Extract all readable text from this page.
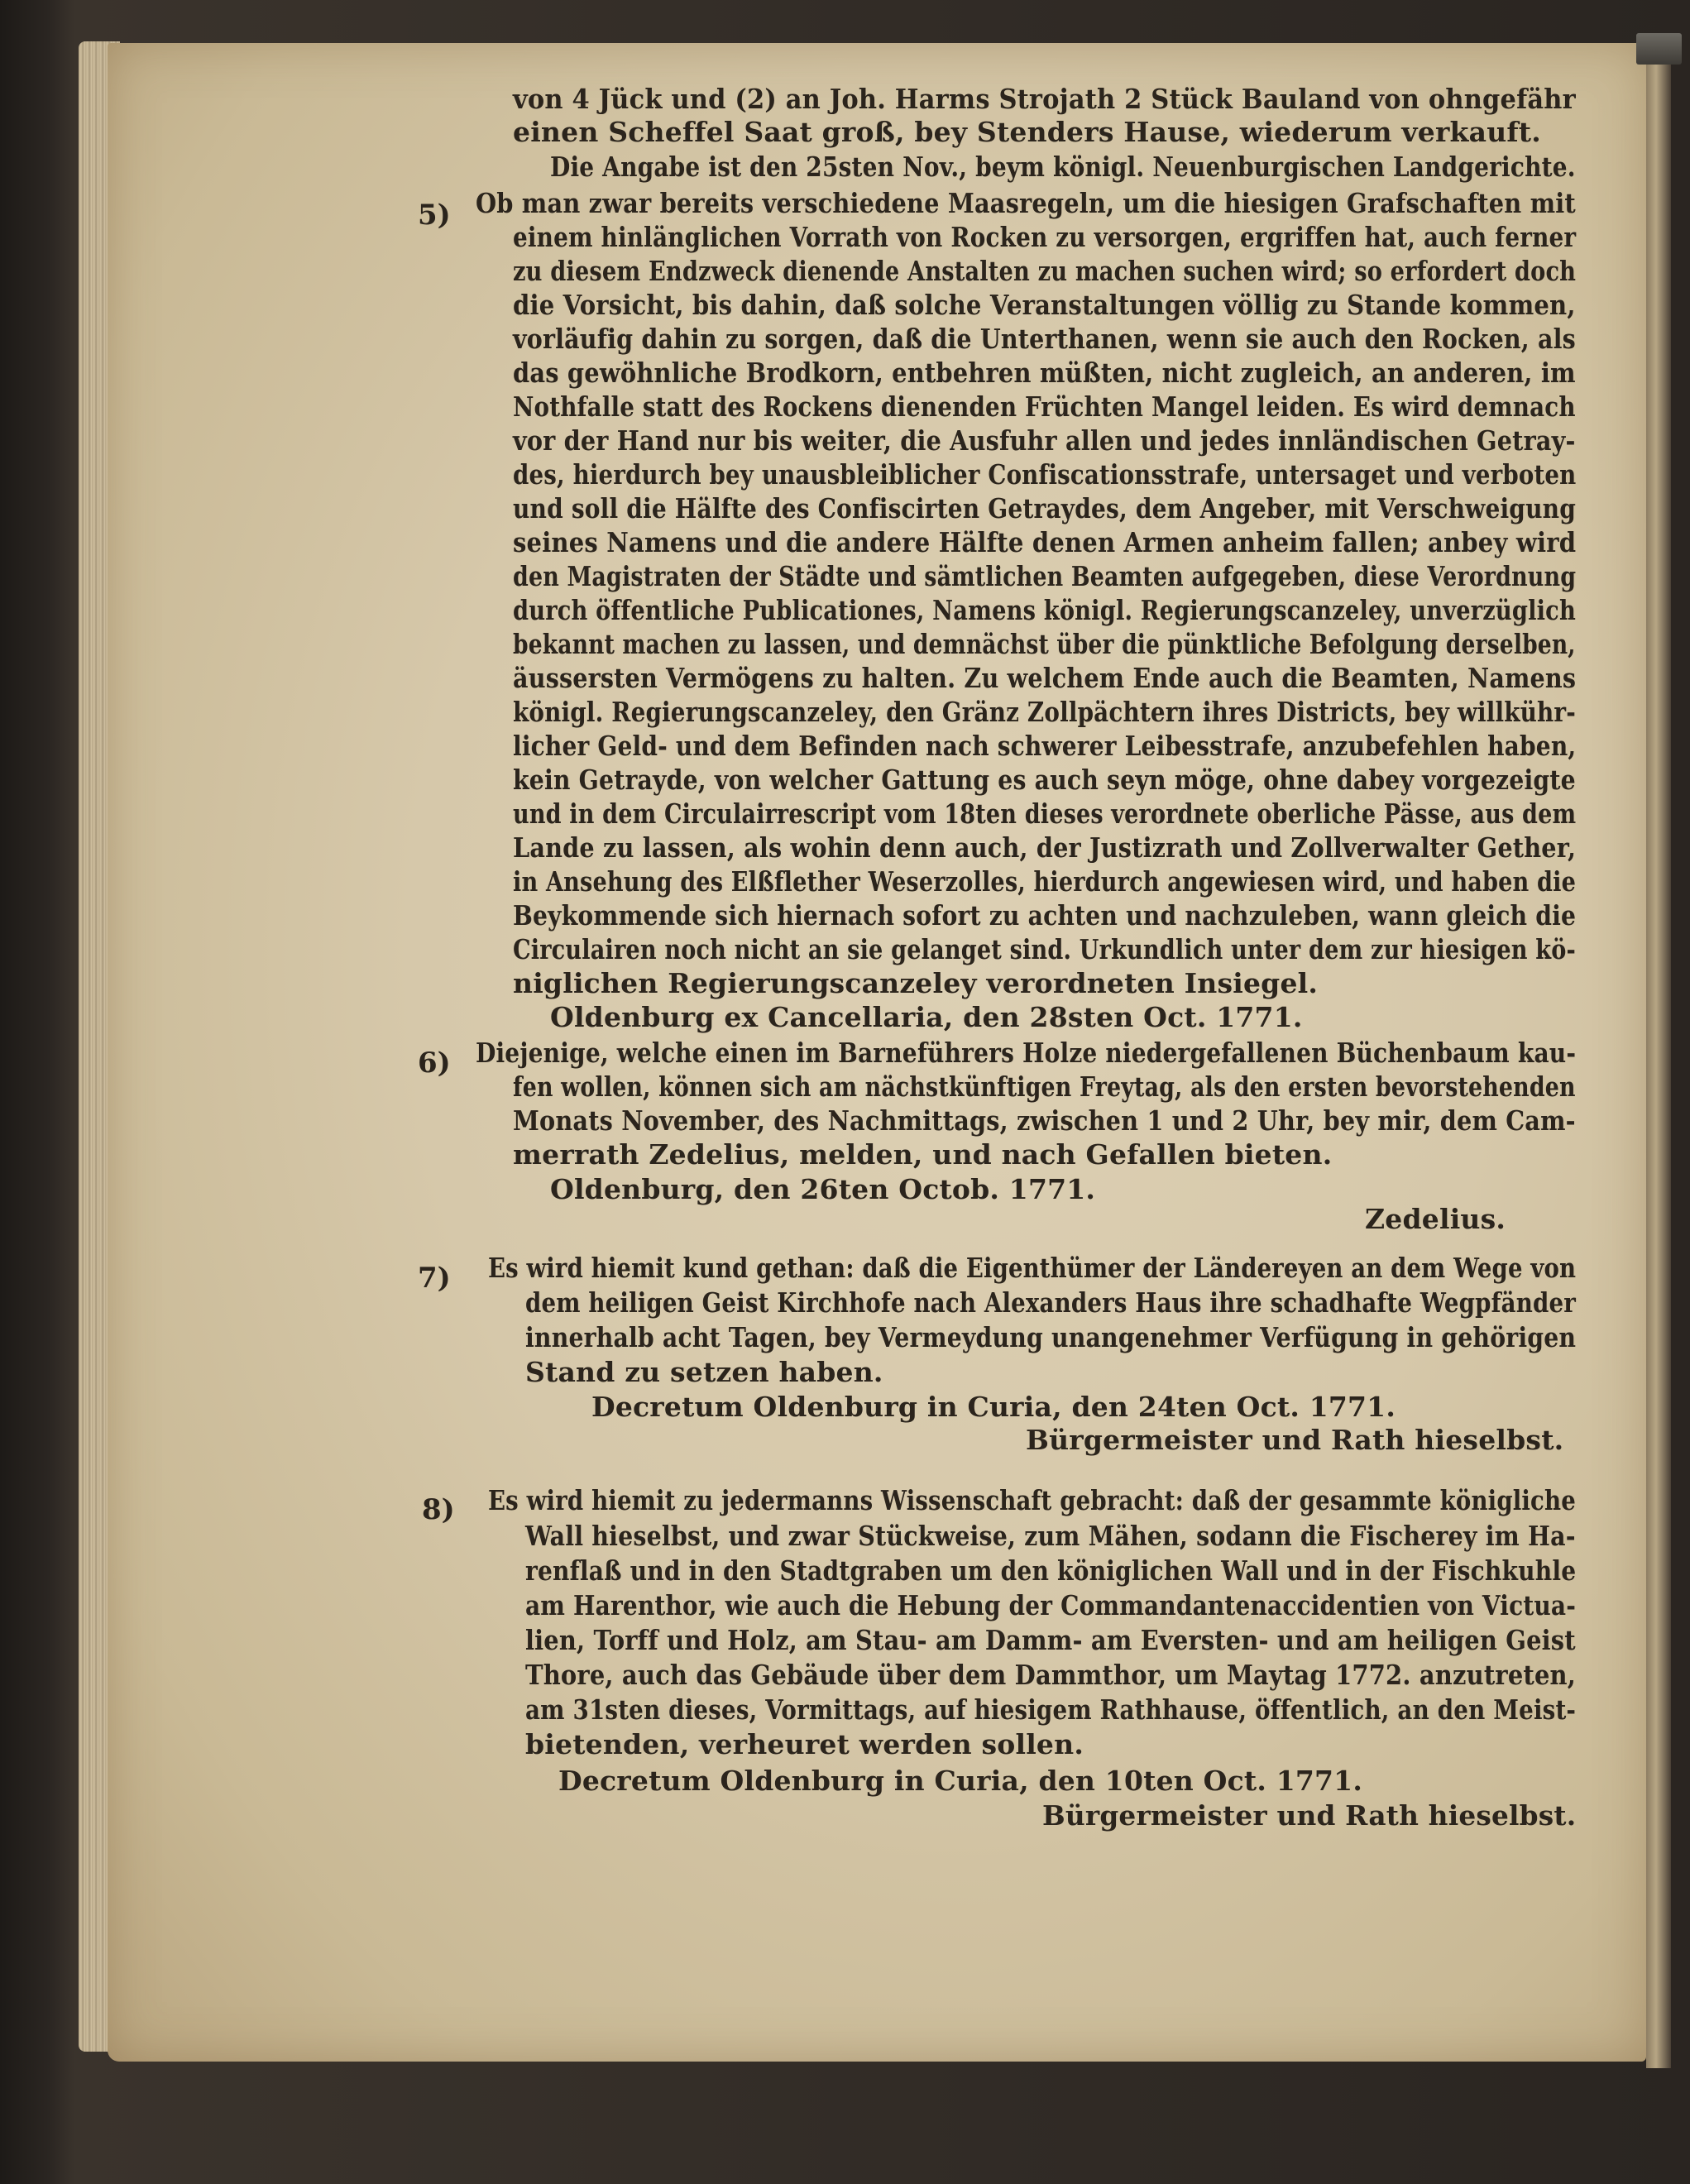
5)
6)
7)
8)
von 4 Jück und (2) an Joh. Harms Strojath 2 Stück Bauland von ohngefähr
einen Scheffel Saat groß, bey Stenders Hause, wiederum verkauft.
Die Angabe ist den 25sten Nov., beym königl. Neuenburgischen Landgerichte.
Ob man zwar bereits verschiedene Maasregeln, um die hiesigen Grafschaften mit
einem hinlänglichen Vorrath von Rocken zu versorgen, ergriffen hat, auch ferner
zu diesem Endzweck dienende Anstalten zu machen suchen wird; so erfordert doch
die Vorsicht, bis dahin, daß solche Veranstaltungen völlig zu Stande kommen,
vorläufig dahin zu sorgen, daß die Unterthanen, wenn sie auch den Rocken, als
das gewöhnliche Brodkorn, entbehren müßten, nicht zugleich, an anderen, im
Nothfalle statt des Rockens dienenden Früchten Mangel leiden. Es wird demnach
vor der Hand nur bis weiter, die Ausfuhr allen und jedes innländischen Getray-
des, hierdurch bey unausbleiblicher Confiscationsstrafe, untersaget und verboten
und soll die Hälfte des Confiscirten Getraydes, dem Angeber, mit Verschweigung
seines Namens und die andere Hälfte denen Armen anheim fallen; anbey wird
den Magistraten der Städte und sämtlichen Beamten aufgegeben, diese Verordnung
durch öffentliche Publicationes, Namens königl. Regierungscanzeley, unverzüglich
bekannt machen zu lassen, und demnächst über die pünktliche Befolgung derselben,
äussersten Vermögens zu halten. Zu welchem Ende auch die Beamten, Namens
königl. Regierungscanzeley, den Gränz Zollpächtern ihres Districts, bey willkühr-
licher Geld- und dem Befinden nach schwerer Leibesstrafe, anzubefehlen haben,
kein Getrayde, von welcher Gattung es auch seyn möge, ohne dabey vorgezeigte
und in dem Circulairrescript vom 18ten dieses verordnete oberliche Pässe, aus dem
Lande zu lassen, als wohin denn auch, der Justizrath und Zollverwalter Gether,
in Ansehung des Elßflether Weserzolles, hierdurch angewiesen wird, und haben die
Beykommende sich hiernach sofort zu achten und nachzuleben, wann gleich die
Circulairen noch nicht an sie gelanget sind. Urkundlich unter dem zur hiesigen kö-
niglichen Regierungscanzeley verordneten Insiegel.
Oldenburg ex Cancellaria, den 28sten Oct. 1771.
Diejenige, welche einen im Barneführers Holze niedergefallenen Büchenbaum kau-
fen wollen, können sich am nächstkünftigen Freytag, als den ersten bevorstehenden
Monats November, des Nachmittags, zwischen 1 und 2 Uhr, bey mir, dem Cam-
merrath Zedelius, melden, und nach Gefallen bieten.
Oldenburg, den 26ten Octob. 1771.
Zedelius.
Es wird hiemit kund gethan: daß die Eigenthümer der Ländereyen an dem Wege von
dem heiligen Geist Kirchhofe nach Alexanders Haus ihre schadhafte Wegpfänder
innerhalb acht Tagen, bey Vermeydung unangenehmer Verfügung in gehörigen
Stand zu setzen haben.
Decretum Oldenburg in Curia, den 24ten Oct. 1771.
Bürgermeister und Rath hieselbst.
Es wird hiemit zu jedermanns Wissenschaft gebracht: daß der gesammte königliche
Wall hieselbst, und zwar Stückweise, zum Mähen, sodann die Fischerey im Ha-
renflaß und in den Stadtgraben um den königlichen Wall und in der Fischkuhle
am Harenthor, wie auch die Hebung der Commandantenaccidentien von Victua-
lien, Torff und Holz, am Stau- am Damm- am Eversten- und am heiligen Geist
Thore, auch das Gebäude über dem Dammthor, um Maytag 1772. anzutreten,
am 31sten dieses, Vormittags, auf hiesigem Rathhause, öffentlich, an den Meist-
bietenden, verheuret werden sollen.
Decretum Oldenburg in Curia, den 10ten Oct. 1771.
Bürgermeister und Rath hieselbst.
